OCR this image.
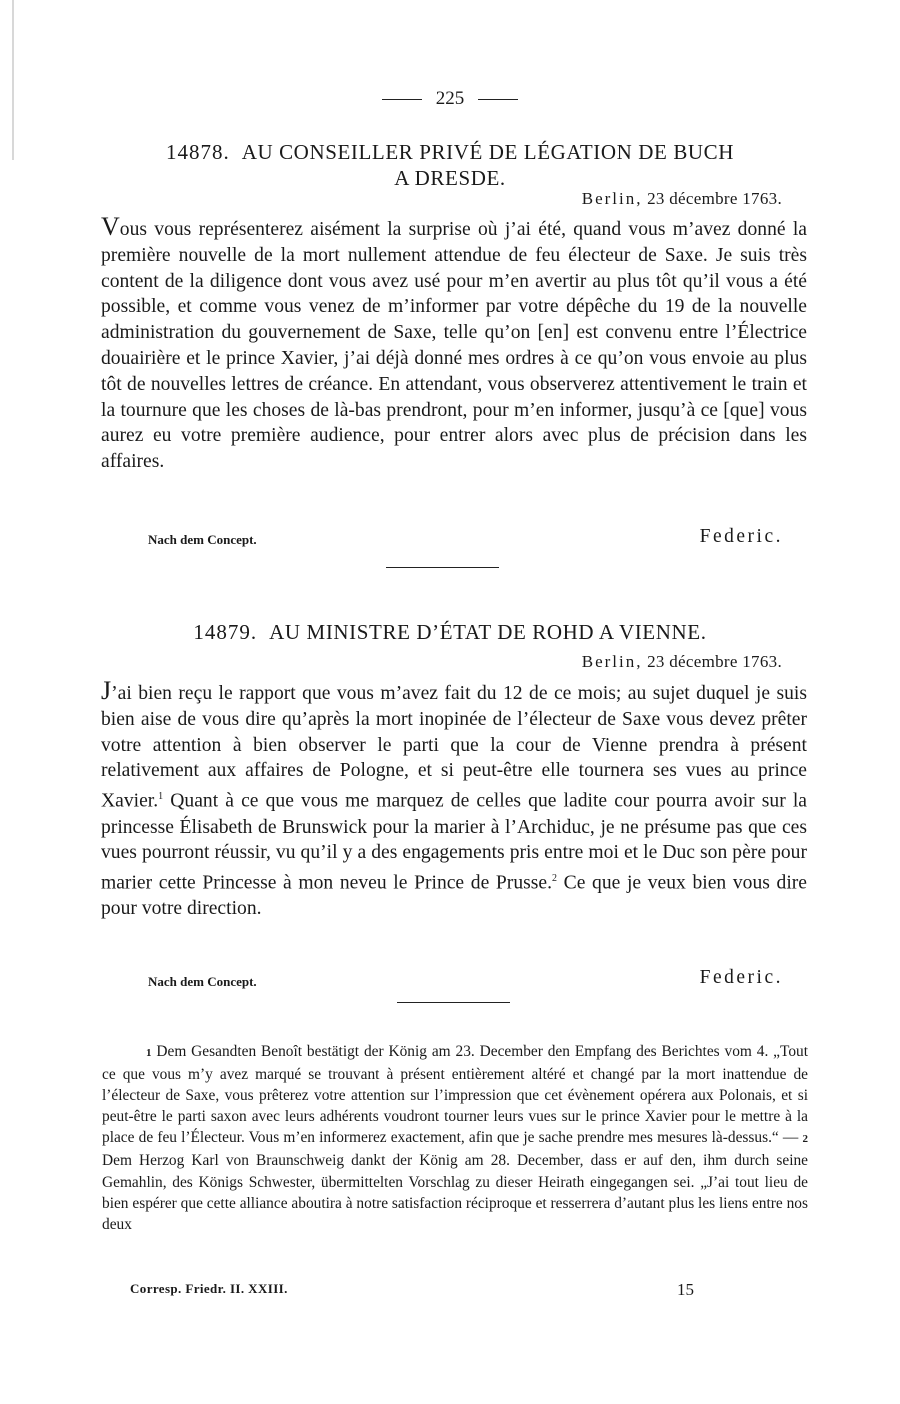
225
14878. AU CONSEILLER PRIVÉ DE LÉGATION DE BUCH
A DRESDE.
Berlin, 23 décembre 1763.
Vous vous représenterez aisément la surprise où j’ai été, quand vous m’avez donné la première nouvelle de la mort nullement attendue de feu électeur de Saxe. Je suis très content de la diligence dont vous avez usé pour m’en avertir au plus tôt qu’il vous a été possible, et comme vous venez de m’informer par votre dépêche du 19 de la nouvelle administration du gouvernement de Saxe, telle qu’on [en] est convenu entre l’Électrice douairière et le prince Xavier, j’ai déjà donné mes ordres à ce qu’on vous envoie au plus tôt de nouvelles lettres de créance. En attendant, vous observerez attentivement le train et la tournure que les choses de là-bas prendront, pour m’en informer, jusqu’à ce [que] vous aurez eu votre première audience, pour entrer alors avec plus de précision dans les affaires.
Nach dem Concept.	Federic.
14879. AU MINISTRE D’ÉTAT DE ROHD A VIENNE.
Berlin, 23 décembre 1763.
J’ai bien reçu le rapport que vous m’avez fait du 12 de ce mois; au sujet duquel je suis bien aise de vous dire qu’après la mort inopinée de l’électeur de Saxe vous devez prêter votre attention à bien observer le parti que la cour de Vienne prendra à présent relativement aux affaires de Pologne, et si peut-être elle tournera ses vues au prince Xavier.$^1$ Quant à ce que vous me marquez de celles que ladite cour pourra avoir sur la princesse Élisabeth de Brunswick pour la marier à l’Archiduc, je ne présume pas que ces vues pourront réussir, vu qu’il y a des engagements pris entre moi et le Duc son père pour marier cette Princesse à mon neveu le Prince de Prusse.$^2$ Ce que je veux bien vous dire pour votre direction.
Nach dem Concept.	Federic.
1 Dem Gesandten Benoît bestätigt der König am 23. December den Empfang des Berichtes vom 4. „Tout ce que vous m’y avez marqué se trouvant à présent entièrement altéré et changé par la mort inattendue de l’électeur de Saxe, vous prêterez votre attention sur l’impression que cet évènement opérera aux Polonais, et si peut-être le parti saxon avec leurs adhérents voudront tourner leurs vues sur le prince Xavier pour le mettre à la place de feu l’Électeur. Vous m’en informerez exactement, afin que je sache prendre mes mesures là-dessus.“ — 2 Dem Herzog Karl von Braunschweig dankt der König am 28. December, dass er auf den, ihm durch seine Gemahlin, des Königs Schwester, übermittelten Vorschlag zu dieser Heirath eingegangen sei. „J’ai tout lieu de bien espérer que cette alliance aboutira à notre satisfaction réciproque et resserrera d’autant plus les liens entre nos deux
Corresp. Friedr. II. XXIII.	15
